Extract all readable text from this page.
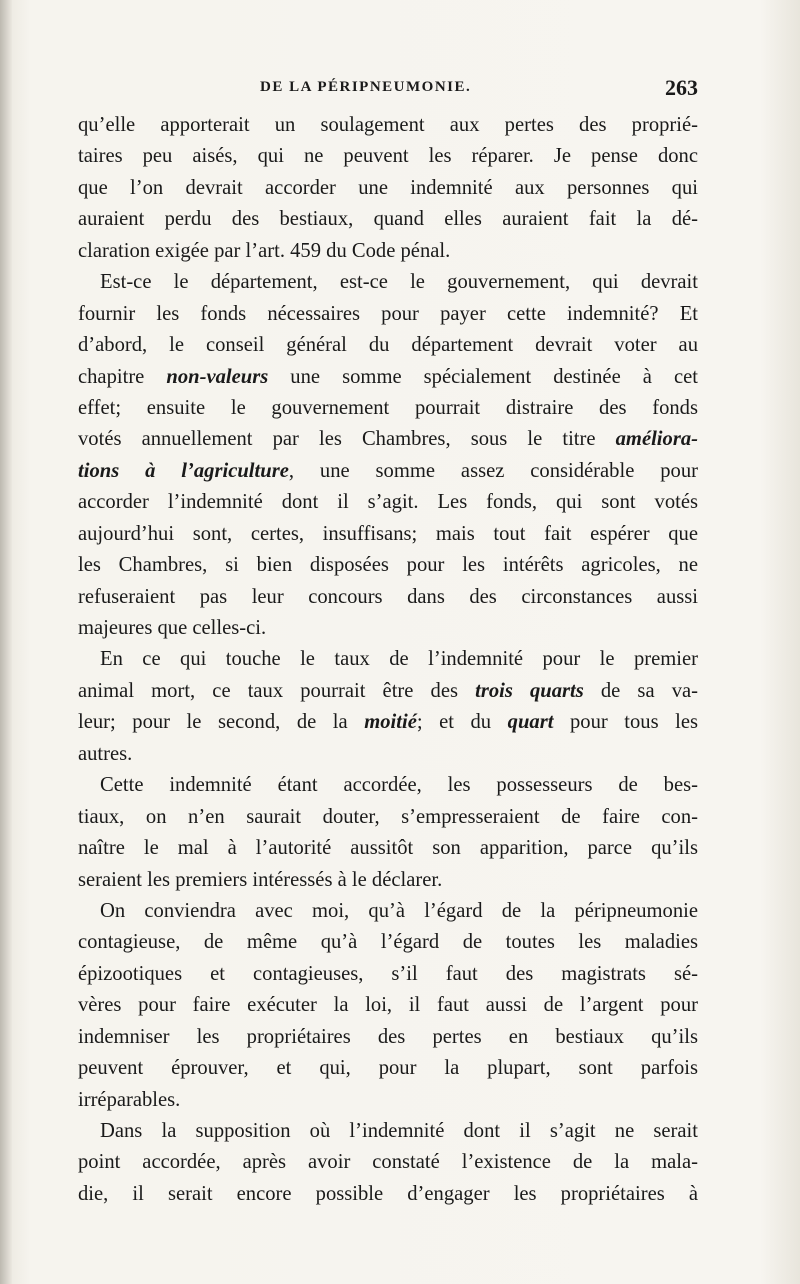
DE LA PÉRIPNEUMONIE.	263
qu’elle apporterait un soulagement aux pertes des proprié-
taires peu aisés, qui ne peuvent les réparer. Je pense donc
que l’on devrait accorder une indemnité aux personnes qui
auraient perdu des bestiaux, quand elles auraient fait la dé-
claration exigée par l’art. 459 du Code pénal.
Est-ce le département, est-ce le gouvernement, qui devrait
fournir les fonds nécessaires pour payer cette indemnité? Et
d’abord, le conseil général du département devrait voter au
chapitre non-valeurs une somme spécialement destinée à cet
effet; ensuite le gouvernement pourrait distraire des fonds
votés annuellement par les Chambres, sous le titre améliora-
tions à l’agriculture, une somme assez considérable pour
accorder l’indemnité dont il s’agit. Les fonds, qui sont votés
aujourd’hui sont, certes, insuffisans; mais tout fait espérer que
les Chambres, si bien disposées pour les intérêts agricoles, ne
refuseraient pas leur concours dans des circonstances aussi
majeures que celles-ci.
En ce qui touche le taux de l’indemnité pour le premier
animal mort, ce taux pourrait être des trois quarts de sa va-
leur; pour le second, de la moitié; et du quart pour tous les
autres.
Cette indemnité étant accordée, les possesseurs de bes-
tiaux, on n’en saurait douter, s’empresseraient de faire con-
naître le mal à l’autorité aussitôt son apparition, parce qu’ils
seraient les premiers intéressés à le déclarer.
On conviendra avec moi, qu’à l’égard de la péripneumonie
contagieuse, de même qu’à l’égard de toutes les maladies
épizootiques et contagieuses, s’il faut des magistrats sé-
vères pour faire exécuter la loi, il faut aussi de l’argent pour
indemniser les propriétaires des pertes en bestiaux qu’ils
peuvent éprouver, et qui, pour la plupart, sont parfois
irréparables.
Dans la supposition où l’indemnité dont il s’agit ne serait
point accordée, après avoir constaté l’existence de la mala-
die, il serait encore possible d’engager les propriétaires à
